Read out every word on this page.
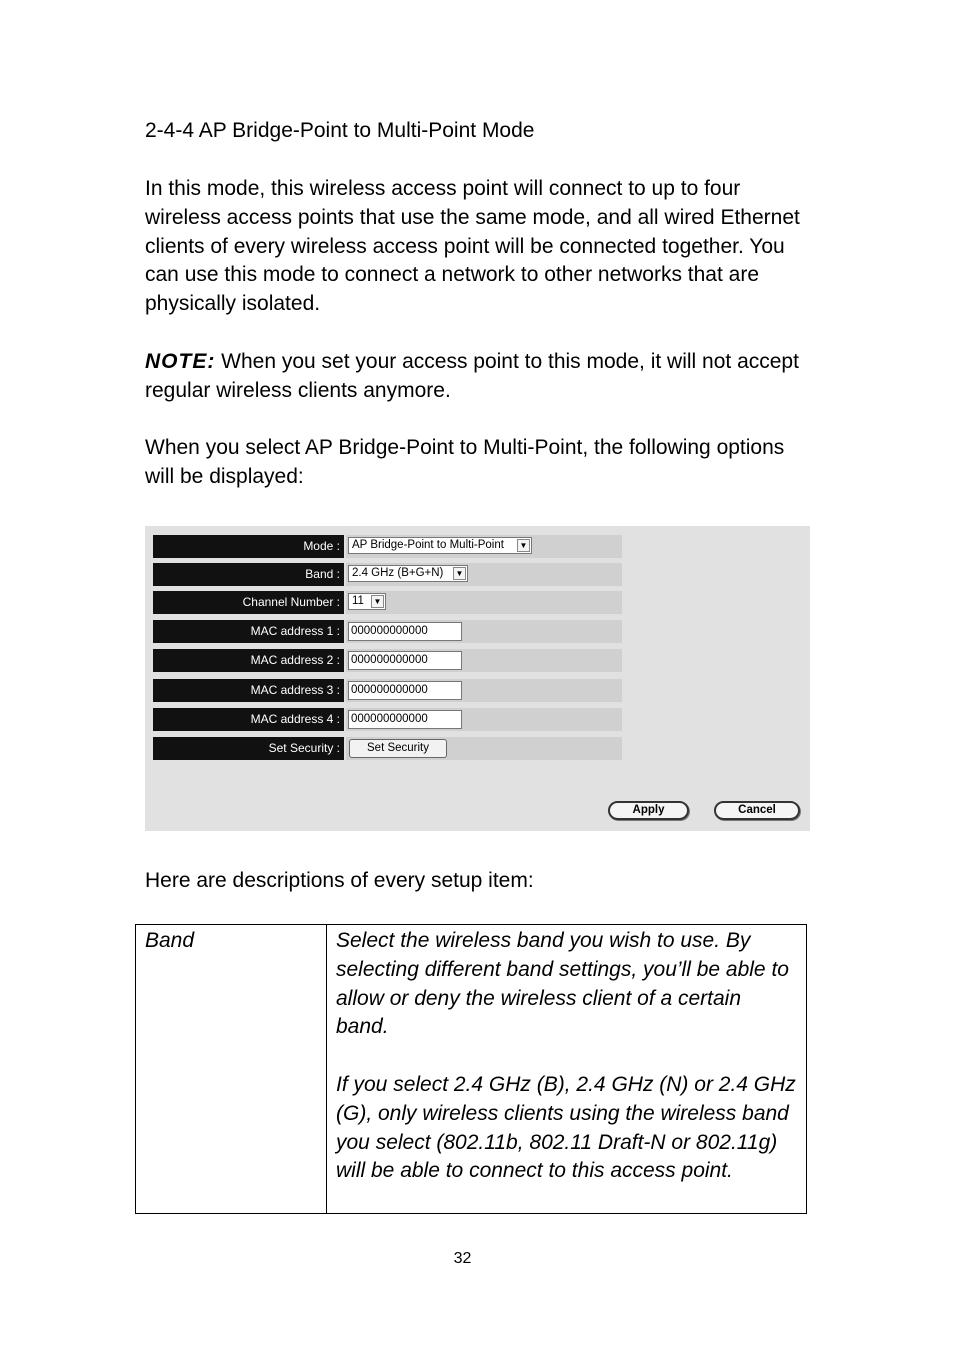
2-4-4 AP Bridge-Point to Multi-Point Mode
In this mode, this wireless access point will connect to up to four wireless access points that use the same mode, and all wired Ethernet clients of every wireless access point will be connected together. You can use this mode to connect a network to other networks that are physically isolated.
NOTE: When you set your access point to this mode, it will not accept regular wireless clients anymore.
When you select AP Bridge-Point to Multi-Point, the following options will be displayed:
Mode :	AP Bridge-Point to Multi-Point	▼
Band :	2.4 GHz (B+G+N)	▼
Channel Number :	11	▼
MAC address 1 : 000000000000
MAC address 2 : 000000000000
MAC address 3 : 000000000000
MAC address 4 : 000000000000
Set Security :	Set Security
Apply	Cancel
Here are descriptions of every setup item:
Band	Select the wireless band you wish to use. By selecting different band settings, you’ll be able to allow or deny the wireless client of a certain band.
If you select 2.4 GHz (B), 2.4 GHz (N) or 2.4 GHz (G), only wireless clients using the wireless band you select (802.11b, 802.11 Draft-N or 802.11g) will be able to connect to this access point.
32
